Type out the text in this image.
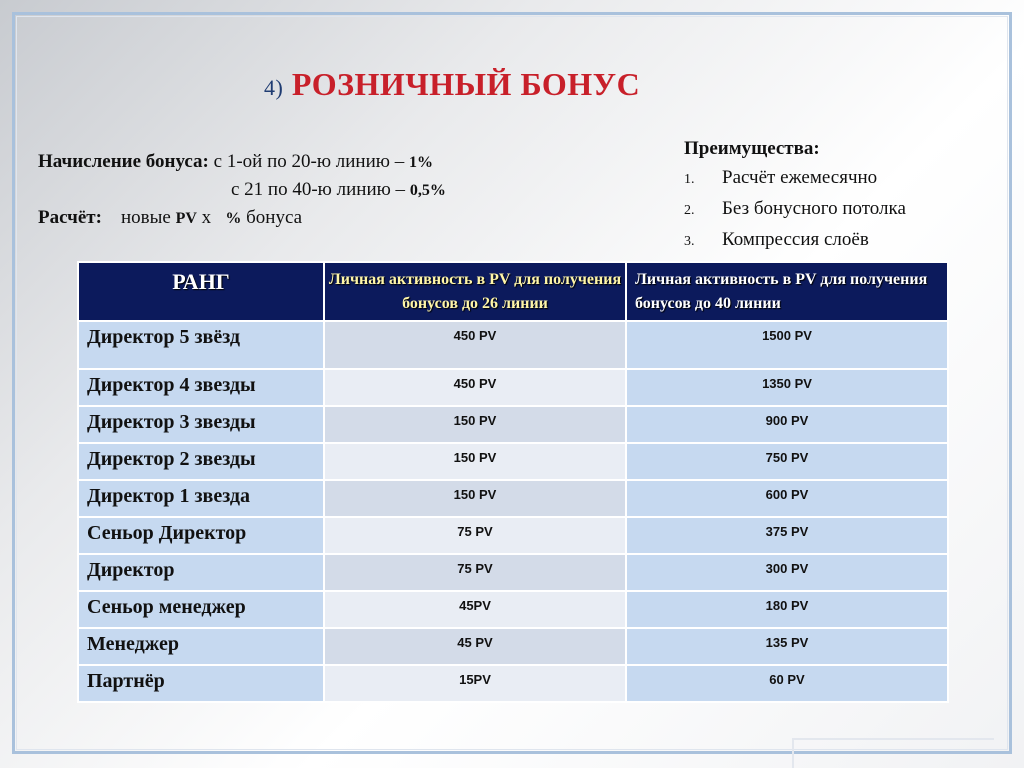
4) РОЗНИЧНЫЙ БОНУС
Начисление бонуса: с 1-ой по 20-ю линию – 1%
с 21 по 40-ю линию – 0,5%
Расчёт: новые PV х % бонуса
Преимущества:
1. Расчёт ежемесячно
2. Без бонусного потолка
3. Компрессия слоёв
РАНГ	Личная активность в PV для получения бонусов до 26 линии	Личная активность в PV для получения бонусов до 40 линии
Директор 5 звёзд	450 PV	1500 PV
Директор 4 звезды	450 PV	1350 PV
Директор 3 звезды	150 PV	900 PV
Директор 2 звезды	150 PV	750 PV
Директор 1 звезда	150 PV	600 PV
Сеньор Директор	75 PV	375 PV
Директор	75 PV	300 PV
Сеньор менеджер	45PV	180 PV
Менеджер	45 PV	135 PV
Партнёр	15PV	60 PV
